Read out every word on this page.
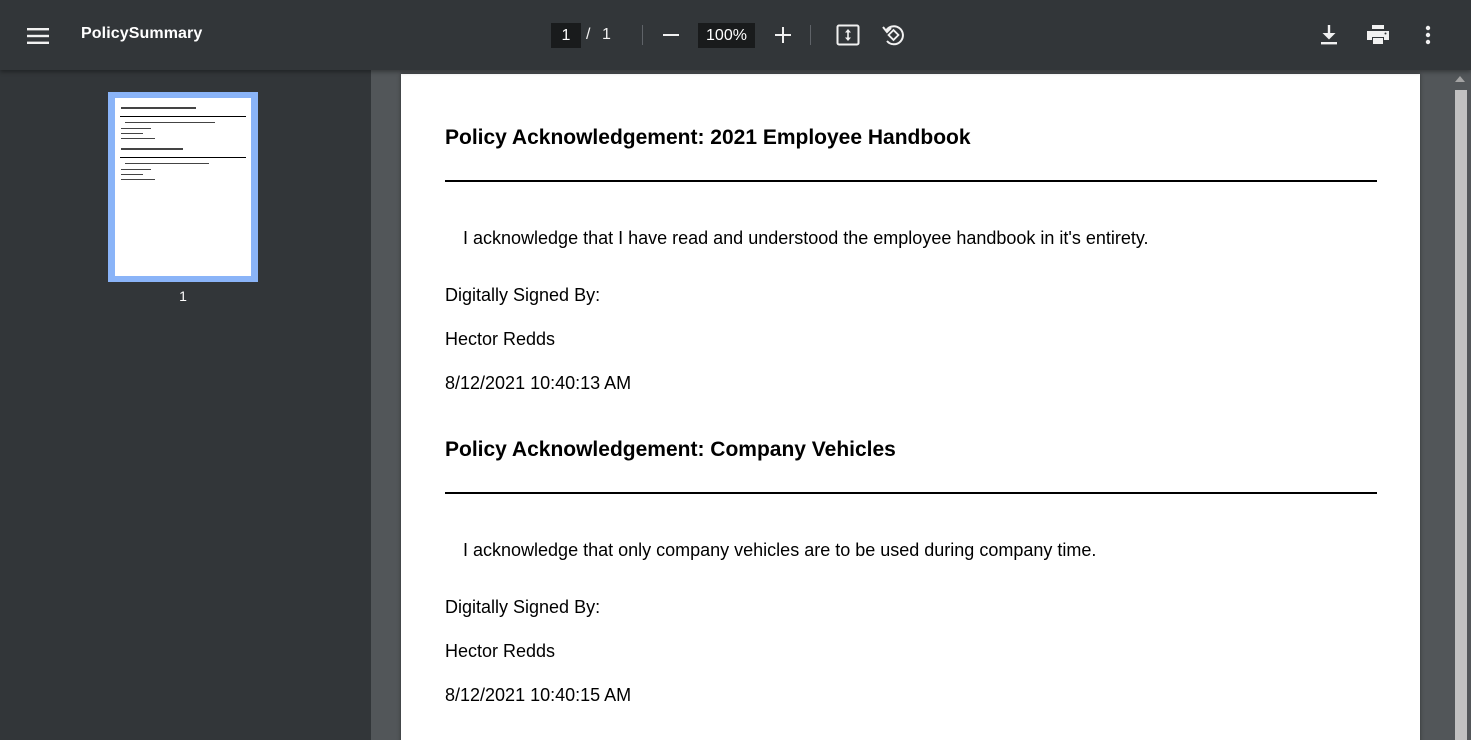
PolicySummary
1	/ 1
100%
1
Policy Acknowledgement: 2021 Employee Handbook
I acknowledge that I have read and understood the employee handbook in it's entirety.
Digitally Signed By:
Hector Redds
8/12/2021 10:40:13 AM
Policy Acknowledgement: Company Vehicles
I acknowledge that only company vehicles are to be used during company time.
Digitally Signed By:
Hector Redds
8/12/2021 10:40:15 AM
